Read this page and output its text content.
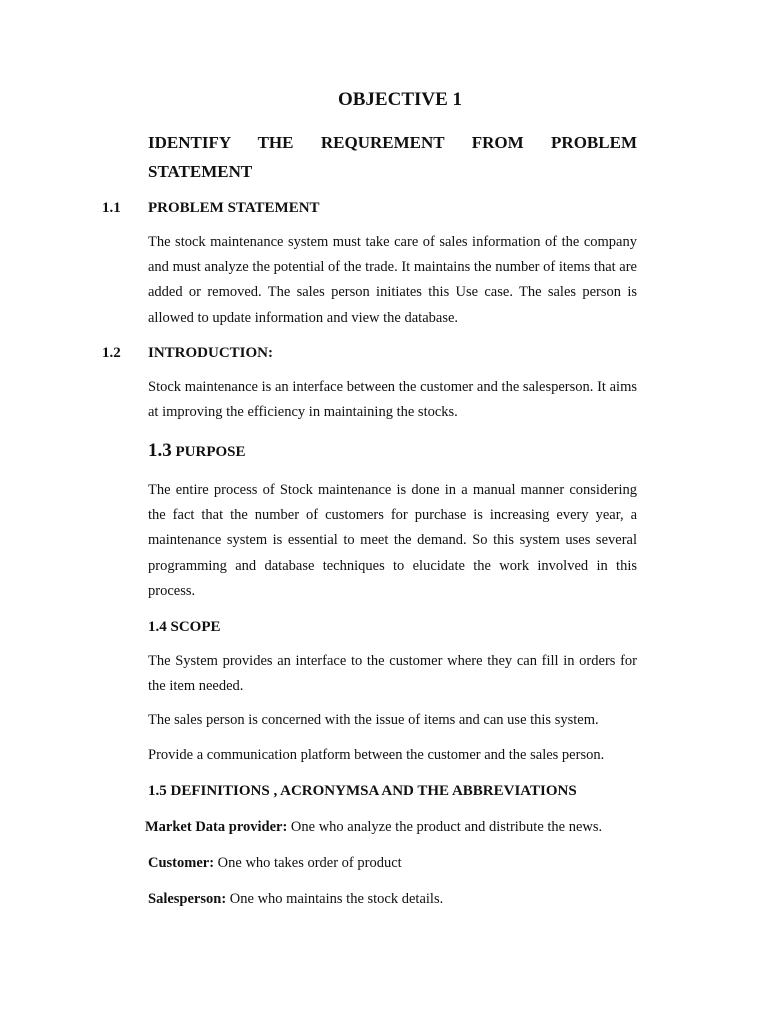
OBJECTIVE 1
IDENTIFY THE REQUREMENT FROM PROBLEM
STATEMENT
1.1 PROBLEM STATEMENT

The stock maintenance system must take care of sales information of the company and must analyze the potential of the trade. It maintains the number of items that are added or removed. The sales person initiates this Use case. The sales person is allowed to update information and view the database.

1.2 INTRODUCTION:

Stock maintenance is an interface between the customer and the salesperson. It aims at improving the efficiency in maintaining the stocks.

1.3 PURPOSE

The entire process of Stock maintenance is done in a manual manner considering the fact that the number of customers for purchase is increasing every year, a maintenance system is essential to meet the demand. So this system uses several programming and database techniques to elucidate the work involved in this process.

1.4 SCOPE

The System provides an interface to the customer where they can fill in orders for the item needed.

The sales person is concerned with the issue of items and can use this system.

Provide a communication platform between the customer and the sales person.

1.5 DEFINITIONS , ACRONYMSA AND THE ABBREVIATIONS

Market Data provider: One who analyze the product and distribute the news.

Customer: One who takes order of product

Salesperson: One who maintains the stock details.
